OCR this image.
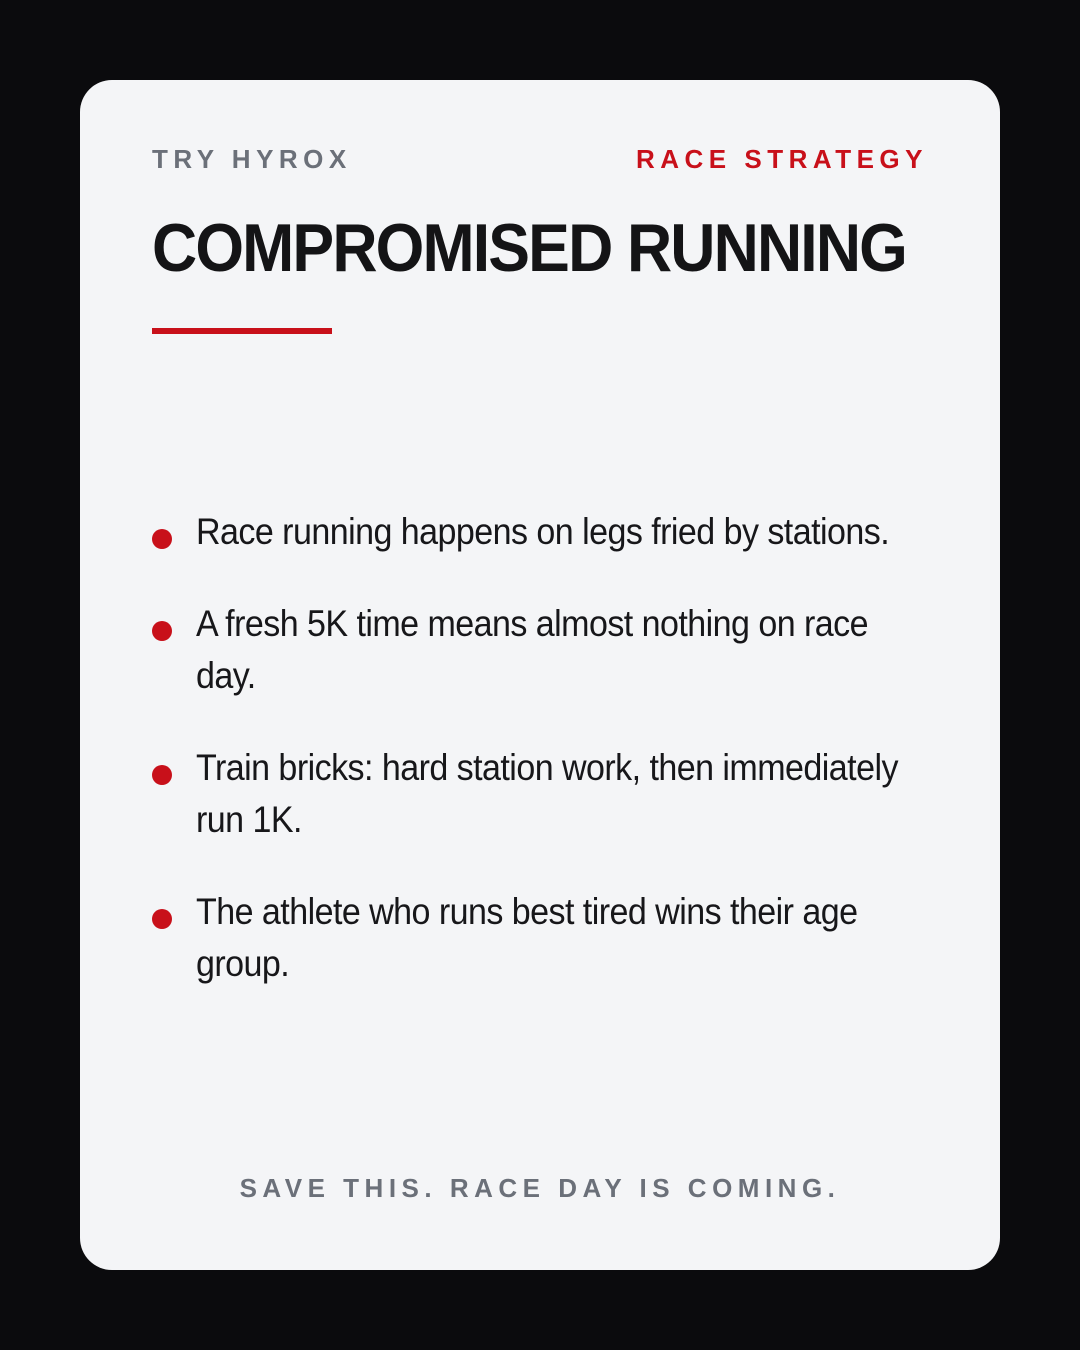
TRY HYROX	RACE STRATEGY
COMPROMISED RUNNING
Race running happens on legs fried by stations.
A fresh 5K time means almost nothing on race day.
Train bricks: hard station work, then immediately run 1K.
The athlete who runs best tired wins their age group.
SAVE THIS. RACE DAY IS COMING.
